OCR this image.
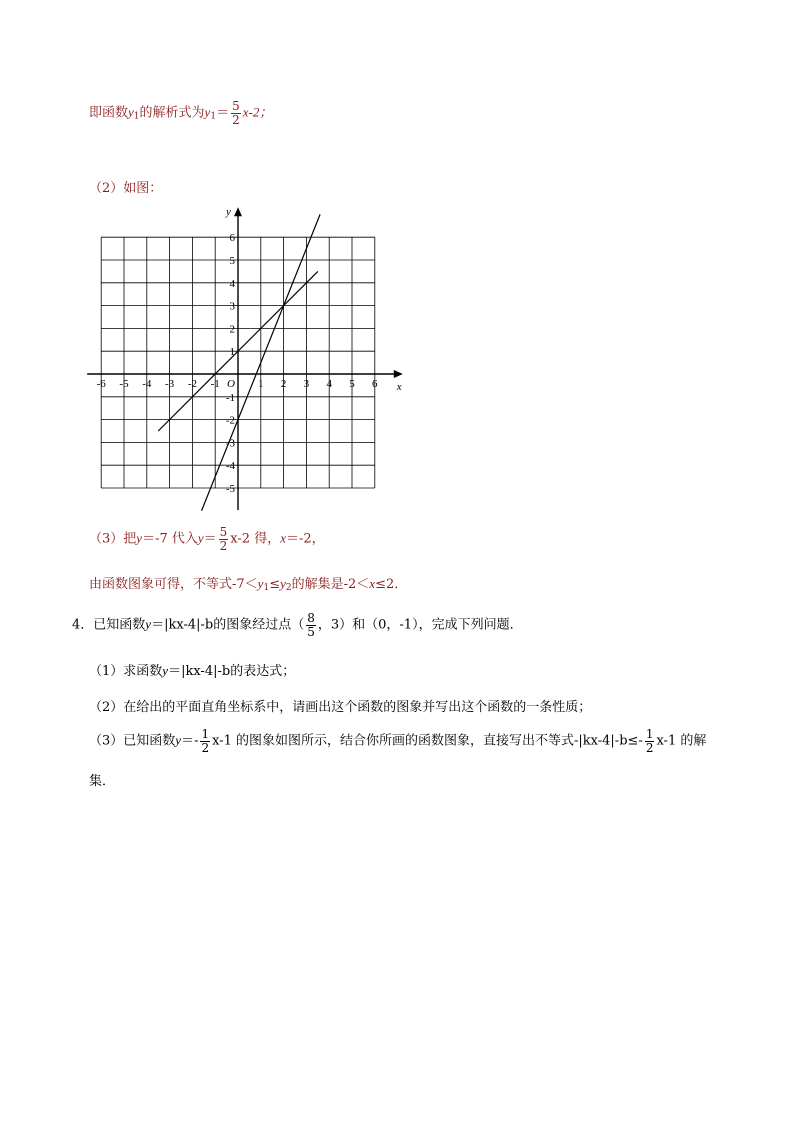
即函数$y_1$的解析式为$y_1= \frac{5}{2} x-2$；
（2）如图：
x
y
O
-6 -5 -4 -3 -2 -1	1 2 3 4 5 6
6
5
4
3
2
1
-1
-2
-3
-4
-5
（3）把y＝-7 代入$y= \frac{5}{2} x-2$ 得，x＝-2，
由函数图象可得，不等式$-7<y_1\le y_2$的解集是-2＜x≤2．
4．已知函数y＝|kx-4|-b的图象经过点（ $\frac{8}{5}$ ，3）和（0，-1），完成下列问题．
（1）求函数y＝|kx-4|-b的表达式；
（2）在给出的平面直角坐标系中，请画出这个函数的图象并写出这个函数的一条性质；
（3）已知函数$y=- \frac{1}{2} x-1$ 的图象如图所示，结合你所画的函数图象，直接写出不等式$-|kx-4|-b\le- \frac{1}{2} x-1$ 的解
集．
